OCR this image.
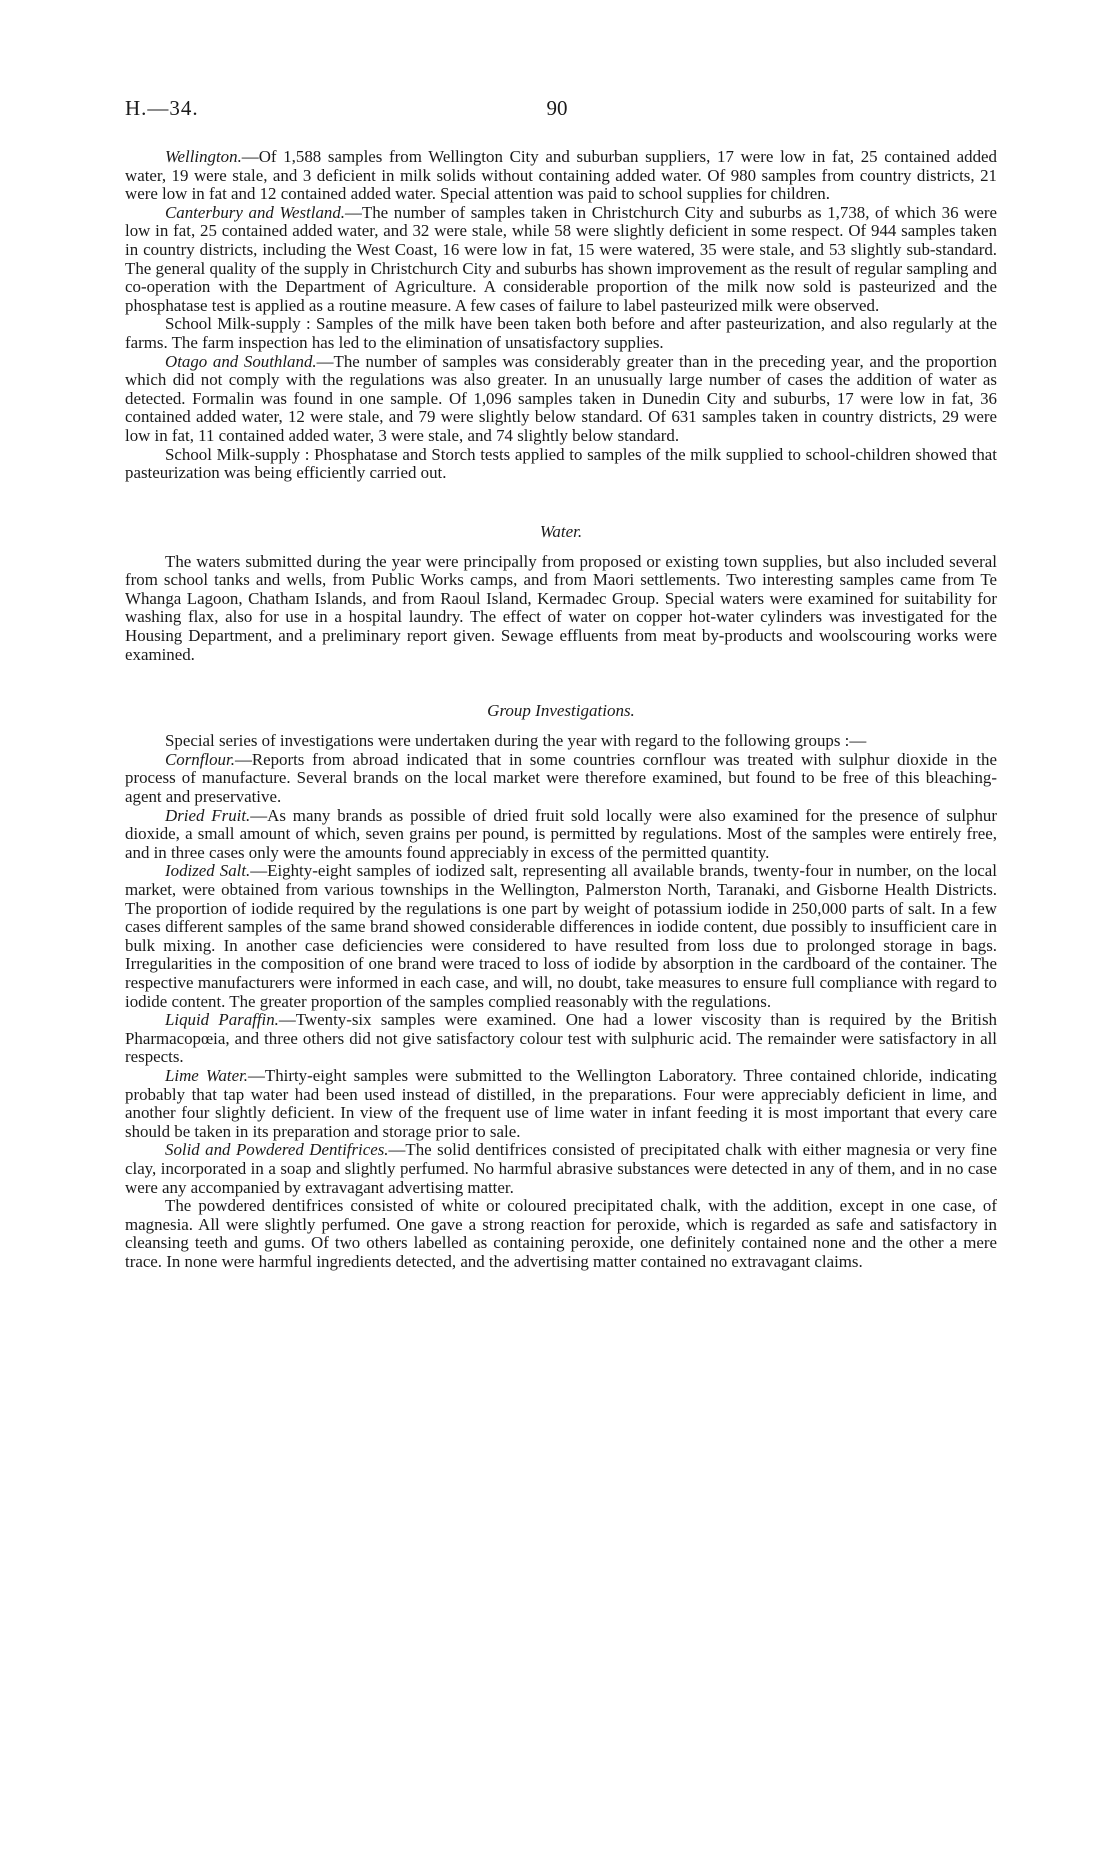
H.—34.	90

Wellington.—Of 1,588 samples from Wellington City and suburban suppliers, 17 were low in fat, 25 contained added water, 19 were stale, and 3 deficient in milk solids without containing added water. Of 980 samples from country districts, 21 were low in fat and 12 contained added water. Special attention was paid to school supplies for children.

Canterbury and Westland.—The number of samples taken in Christchurch City and suburbs as 1,738, of which 36 were low in fat, 25 contained added water, and 32 were stale, while 58 were slightly deficient in some respect. Of 944 samples taken in country districts, including the West Coast, 16 were low in fat, 15 were watered, 35 were stale, and 53 slightly sub-standard. The general quality of the supply in Christchurch City and suburbs has shown improvement as the result of regular sampling and co-operation with the Department of Agriculture. A considerable proportion of the milk now sold is pasteurized and the phosphatase test is applied as a routine measure. A few cases of failure to label pasteurized milk were observed.

School Milk-supply : Samples of the milk have been taken both before and after pasteurization, and also regularly at the farms. The farm inspection has led to the elimination of unsatisfactory supplies.

Otago and Southland.—The number of samples was considerably greater than in the preceding year, and the proportion which did not comply with the regulations was also greater. In an unusually large number of cases the addition of water as detected. Formalin was found in one sample. Of 1,096 samples taken in Dunedin City and suburbs, 17 were low in fat, 36 contained added water, 12 were stale, and 79 were slightly below standard. Of 631 samples taken in country districts, 29 were low in fat, 11 contained added water, 3 were stale, and 74 slightly below standard.

School Milk-supply : Phosphatase and Storch tests applied to samples of the milk supplied to school-children showed that pasteurization was being efficiently carried out.

Water.

The waters submitted during the year were principally from proposed or existing town supplies, but also included several from school tanks and wells, from Public Works camps, and from Maori settlements. Two interesting samples came from Te Whanga Lagoon, Chatham Islands, and from Raoul Island, Kermadec Group. Special waters were examined for suitability for washing flax, also for use in a hospital laundry. The effect of water on copper hot-water cylinders was investigated for the Housing Department, and a preliminary report given. Sewage effluents from meat by-products and woolscouring works were examined.

Group Investigations.

Special series of investigations were undertaken during the year with regard to the following groups :—

Cornflour.—Reports from abroad indicated that in some countries cornflour was treated with sulphur dioxide in the process of manufacture. Several brands on the local market were therefore examined, but found to be free of this bleaching-agent and preservative.

Dried Fruit.—As many brands as possible of dried fruit sold locally were also examined for the presence of sulphur dioxide, a small amount of which, seven grains per pound, is permitted by regulations. Most of the samples were entirely free, and in three cases only were the amounts found appreciably in excess of the permitted quantity.

Iodized Salt.—Eighty-eight samples of iodized salt, representing all available brands, twenty-four in number, on the local market, were obtained from various townships in the Wellington, Palmerston North, Taranaki, and Gisborne Health Districts. The proportion of iodide required by the regulations is one part by weight of potassium iodide in 250,000 parts of salt. In a few cases different samples of the same brand showed considerable differences in iodide content, due possibly to insufficient care in bulk mixing. In another case deficiencies were considered to have resulted from loss due to prolonged storage in bags. Irregularities in the composition of one brand were traced to loss of iodide by absorption in the cardboard of the container. The respective manufacturers were informed in each case, and will, no doubt, take measures to ensure full compliance with regard to iodide content. The greater proportion of the samples complied reasonably with the regulations.

Liquid Paraffin.—Twenty-six samples were examined. One had a lower viscosity than is required by the British Pharmacopœia, and three others did not give satisfactory colour test with sulphuric acid. The remainder were satisfactory in all respects.

Lime Water.—Thirty-eight samples were submitted to the Wellington Laboratory. Three contained chloride, indicating probably that tap water had been used instead of distilled, in the preparations. Four were appreciably deficient in lime, and another four slightly deficient. In view of the frequent use of lime water in infant feeding it is most important that every care should be taken in its preparation and storage prior to sale.

Solid and Powdered Dentifrices.—The solid dentifrices consisted of precipitated chalk with either magnesia or very fine clay, incorporated in a soap and slightly perfumed. No harmful abrasive substances were detected in any of them, and in no case were any accompanied by extravagant advertising matter.

The powdered dentifrices consisted of white or coloured precipitated chalk, with the addition, except in one case, of magnesia. All were slightly perfumed. One gave a strong reaction for peroxide, which is regarded as safe and satisfactory in cleansing teeth and gums. Of two others labelled as containing peroxide, one definitely contained none and the other a mere trace. In none were harmful ingredients detected, and the advertising matter contained no extravagant claims.
